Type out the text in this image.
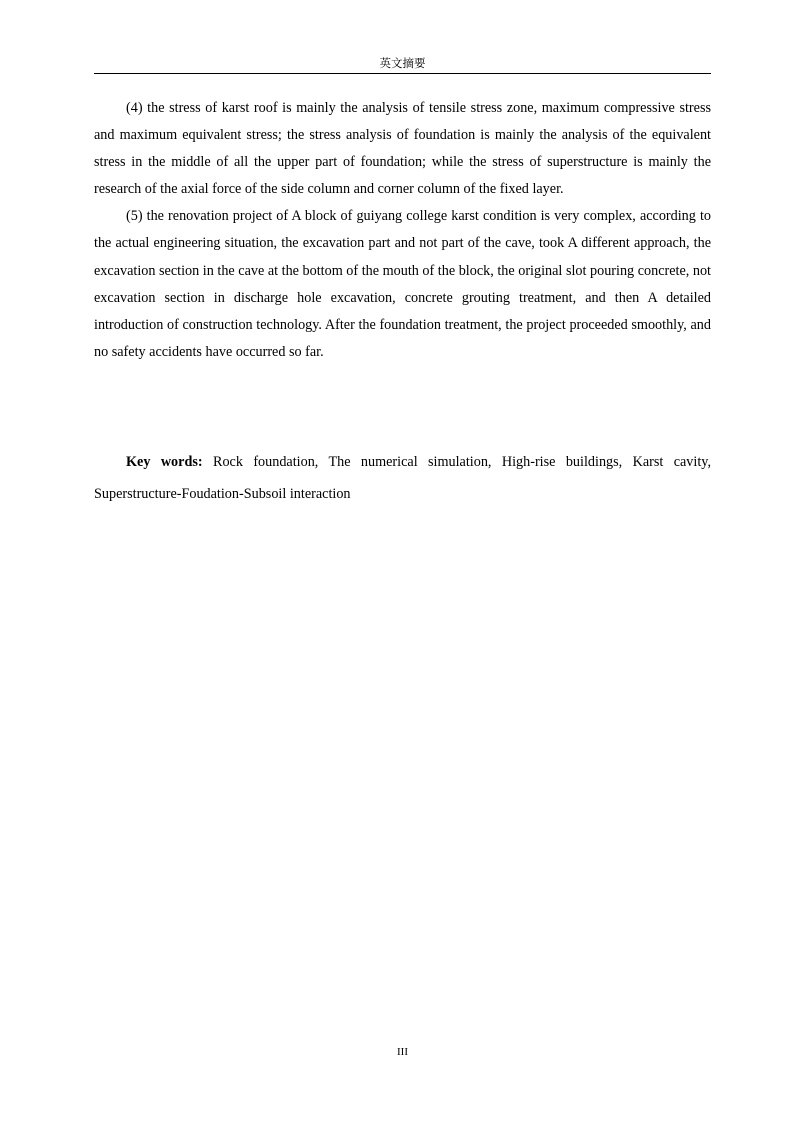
英文摘要

(4) the stress of karst roof is mainly the analysis of tensile stress zone, maximum compressive stress and maximum equivalent stress; the stress analysis of foundation is mainly the analysis of the equivalent stress in the middle of all the upper part of foundation; while the stress of superstructure is mainly the research of the axial force of the side column and corner column of the fixed layer.

(5) the renovation project of A block of guiyang college karst condition is very complex, according to the actual engineering situation, the excavation part and not part of the cave, took A different approach, the excavation section in the cave at the bottom of the mouth of the block, the original slot pouring concrete, not excavation section in discharge hole excavation, concrete grouting treatment, and then A detailed introduction of construction technology. After the foundation treatment, the project proceeded smoothly, and no safety accidents have occurred so far.

Key words: Rock foundation, The numerical simulation, High-rise buildings, Karst cavity, Superstructure-Foudation-Subsoil interaction

III
